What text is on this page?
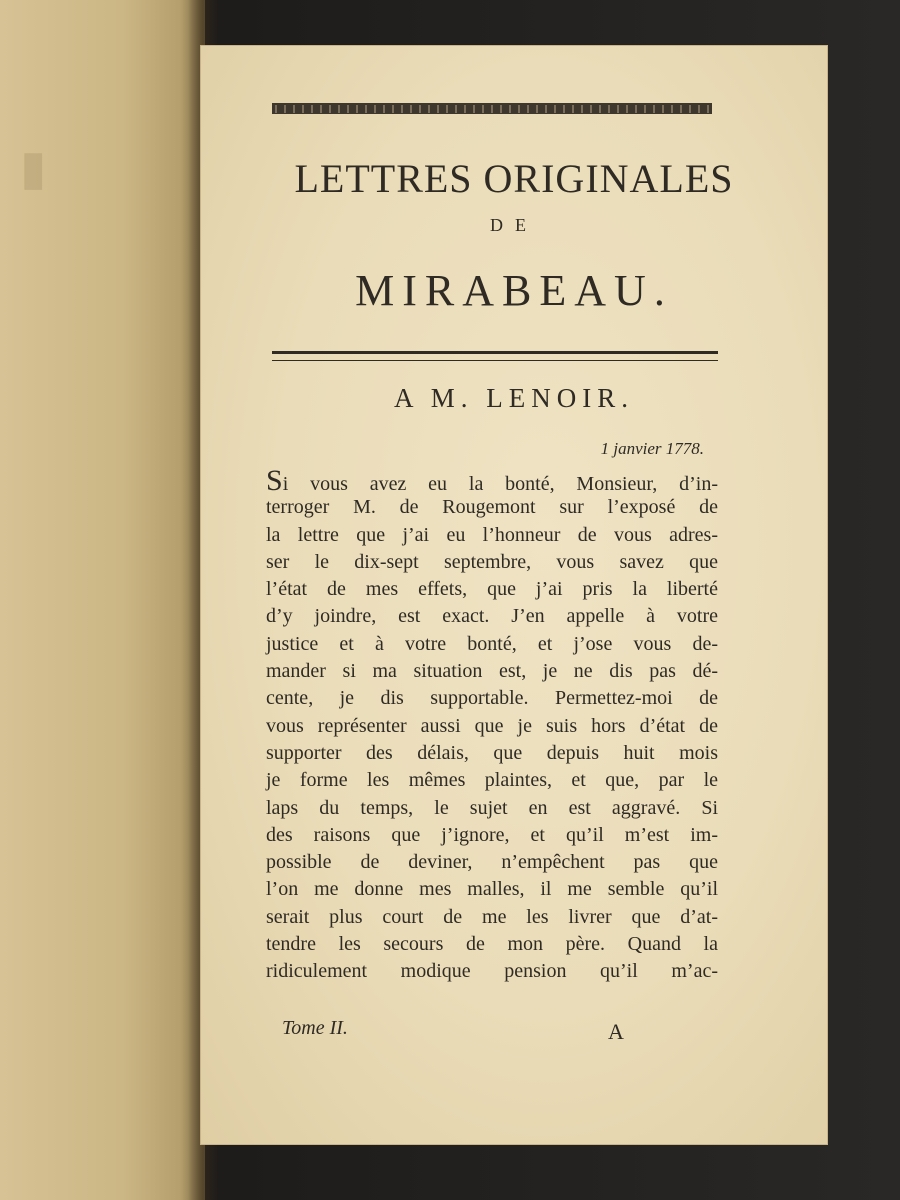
▮	LETTRES ORIGINALES
DE
MIRABEAU.
A M. LENOIR.
1 janvier 1778.
Si vous avez eu la bonté, Monsieur, d’in-
terroger M. de Rougemont sur l’exposé de
la lettre que j’ai eu l’honneur de vous adres-
ser le dix-sept septembre, vous savez que
l’état de mes effets, que j’ai pris la liberté
d’y joindre, est exact. J’en appelle à votre
justice et à votre bonté, et j’ose vous de-
mander si ma situation est, je ne dis pas dé-
cente, je dis supportable. Permettez-moi de
vous représenter aussi que je suis hors d’état de
supporter des délais, que depuis huit mois
je forme les mêmes plaintes, et que, par le
laps du temps, le sujet en est aggravé. Si
des raisons que j’ignore, et qu’il m’est im-
possible de deviner, n’empêchent pas que
l’on me donne mes malles, il me semble qu’il
serait plus court de me les livrer que d’at-
tendre les secours de mon père. Quand la
ridiculement modique pension qu’il m’ac-
Tome II.	A
